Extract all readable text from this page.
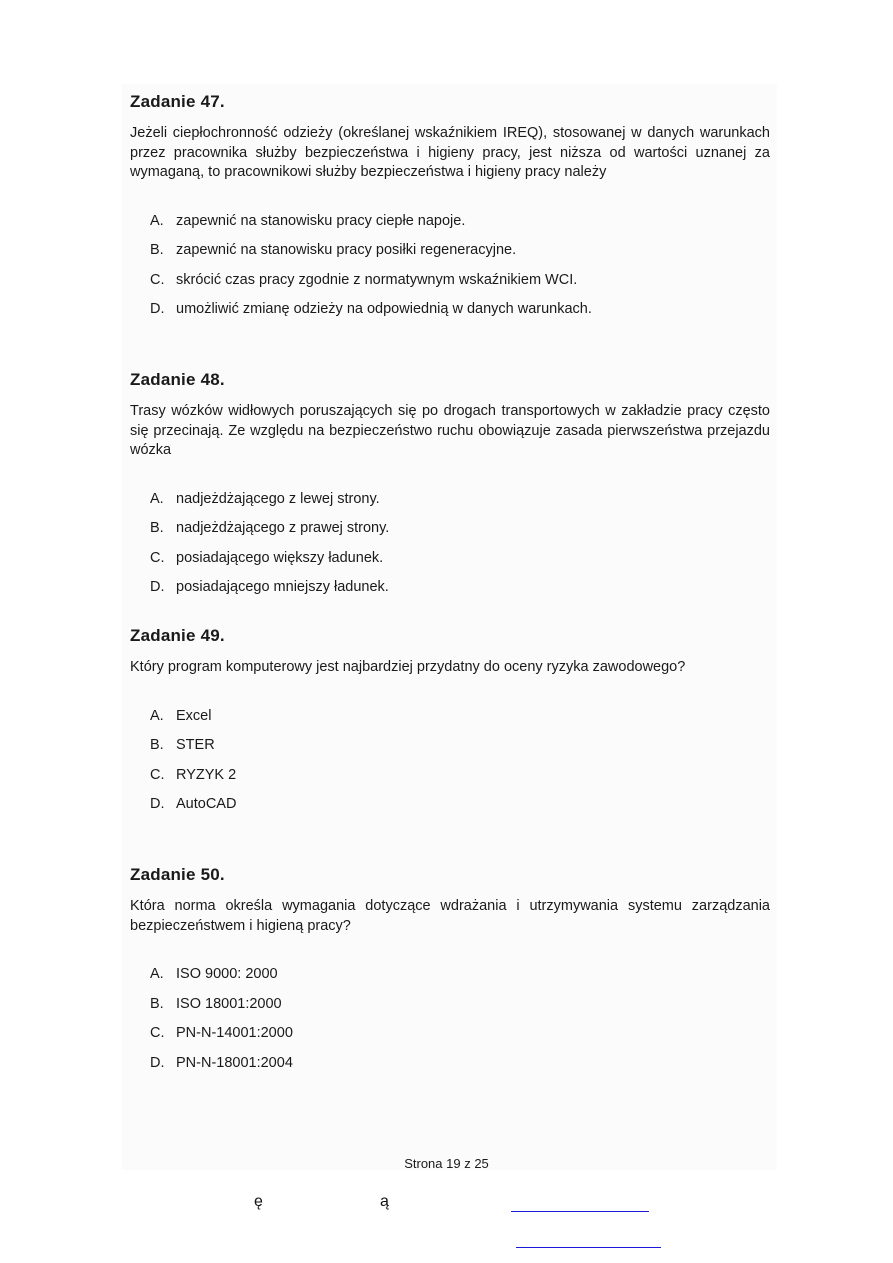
Zadanie 47.

Jeżeli ciepłochronność odzieży (określanej wskaźnikiem IREQ), stosowanej w danych warunkach przez pracownika służby bezpieczeństwa i higieny pracy, jest niższa od wartości uznanej za wymaganą, to pracownikowi służby bezpieczeństwa i higieny pracy należy

A. zapewnić na stanowisku pracy ciepłe napoje.
B. zapewnić na stanowisku pracy posiłki regeneracyjne.
C. skrócić czas pracy zgodnie z normatywnym wskaźnikiem WCI.
D. umożliwić zmianę odzieży na odpowiednią w danych warunkach.
Zadanie 48.

Trasy wózków widłowych poruszających się po drogach transportowych w zakładzie pracy często się przecinają. Ze względu na bezpieczeństwo ruchu obowiązuje zasada pierwszeństwa przejazdu wózka

A. nadjeżdżającego z lewej strony.
B. nadjeżdżającego z prawej strony.
C. posiadającego większy ładunek.
D. posiadającego mniejszy ładunek.
Zadanie 49.

Który program komputerowy jest najbardziej przydatny do oceny ryzyka zawodowego?

A. Excel
B. STER
C. RYZYK 2
D. AutoCAD
Zadanie 50.

Która norma określa wymagania dotyczące wdrażania i utrzymywania systemu zarządzania bezpieczeństwem i higieną pracy?

A. ISO 9000: 2000
B. ISO 18001:2000
C. PN-N-14001:2000
D. PN-N-18001:2004
Strona 19 z 25
ę	ą
